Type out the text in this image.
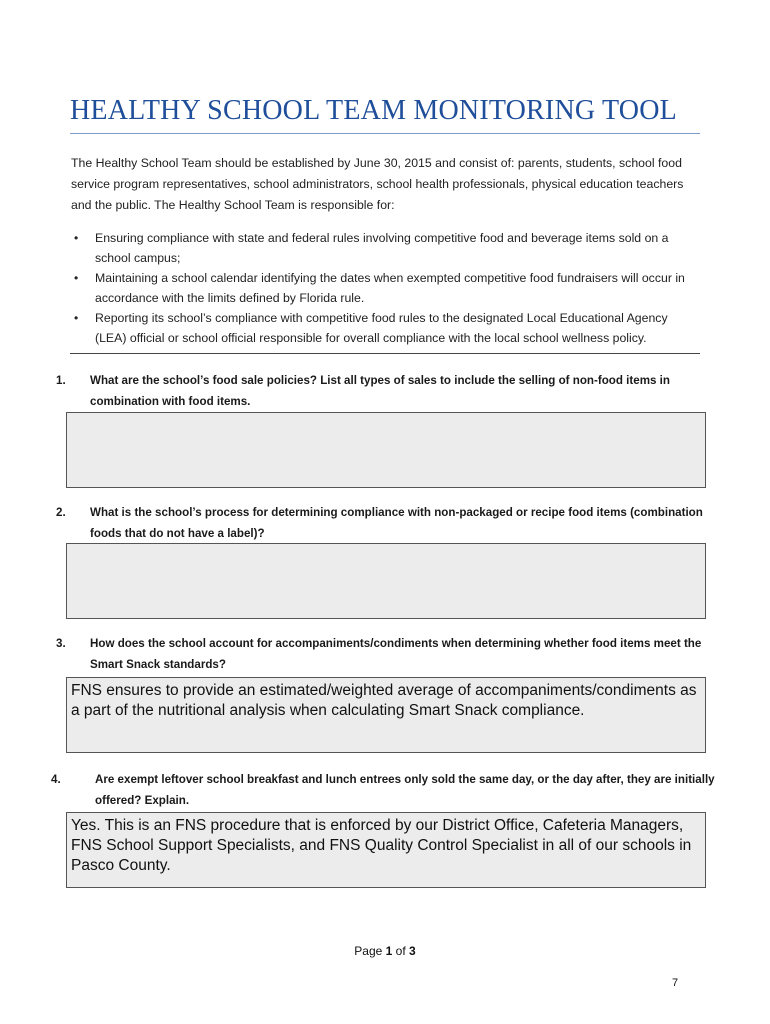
HEALTHY SCHOOL TEAM MONITORING TOOL

The Healthy School Team should be established by June 30, 2015 and consist of: parents, students, school food service program representatives, school administrators, school health professionals, physical education teachers and the public. The Healthy School Team is responsible for:

• Ensuring compliance with state and federal rules involving competitive food and beverage items sold on a school campus;
• Maintaining a school calendar identifying the dates when exempted competitive food fundraisers will occur in accordance with the limits defined by Florida rule.
• Reporting its school’s compliance with competitive food rules to the designated Local Educational Agency (LEA) official or school official responsible for overall compliance with the local school wellness policy.
1. What are the school’s food sale policies? List all types of sales to include the selling of non-food items in combination with food items.
2. What is the school’s process for determining compliance with non-packaged or recipe food items (combination foods that do not have a label)?
3. How does the school account for accompaniments/condiments when determining whether food items meet the Smart Snack standards?
FNS ensures to provide an estimated/weighted average of accompaniments/condiments as a part of the nutritional analysis when calculating Smart Snack compliance.
4.	Are exempt leftover school breakfast and lunch entrees only sold the same day, or the day after, they are initially offered? Explain.
Yes. This is an FNS procedure that is enforced by our District Office, Cafeteria Managers, FNS School Support Specialists, and FNS Quality Control Specialist in all of our schools in Pasco County.
Page 1 of 3
7
